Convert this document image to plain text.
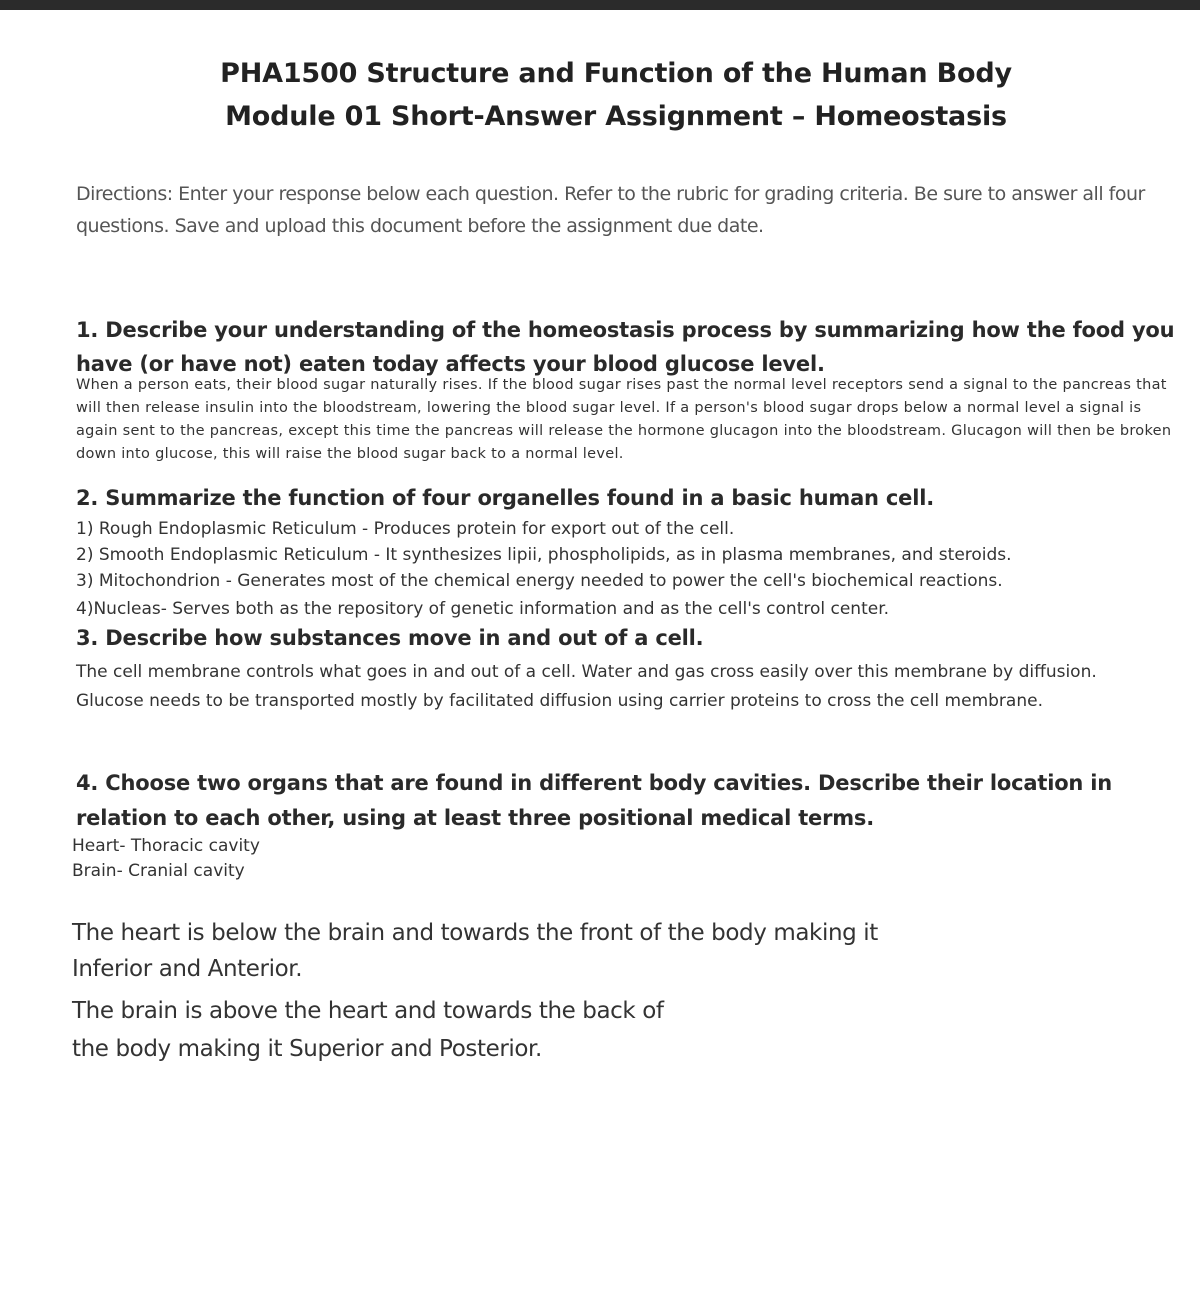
PHA1500 Structure and Function of the Human Body
Module 01 Short-Answer Assignment – Homeostasis
Directions: Enter your response below each question. Refer to the rubric for grading criteria. Be sure to answer all four questions. Save and upload this document before the assignment due date.
1. Describe your understanding of the homeostasis process by summarizing how the food you have (or have not) eaten today affects your blood glucose level.
When a person eats, their blood sugar naturally rises. If the blood sugar rises past the normal level receptors send a signal to the pancreas that will then release insulin into the bloodstream, lowering the blood sugar level. If a person's blood sugar drops below a normal level a signal is again sent to the pancreas, except this time the pancreas will release the hormone glucagon into the bloodstream. Glucagon will then be broken down into glucose, this will raise the blood sugar back to a normal level.
2. Summarize the function of four organelles found in a basic human cell.
1) Rough Endoplasmic Reticulum - Produces protein for export out of the cell.
2) Smooth Endoplasmic Reticulum - It synthesizes lipii, phospholipids, as in plasma membranes, and steroids.
3) Mitochondrion - Generates most of the chemical energy needed to power the cell's biochemical reactions.
4)Nucleas- Serves both as the repository of genetic information and as the cell's control center.
3. Describe how substances move in and out of a cell.
The cell membrane controls what goes in and out of a cell. Water and gas cross easily over this membrane by diffusion. Glucose needs to be transported mostly by facilitated diffusion using carrier proteins to cross the cell membrane.
4. Choose two organs that are found in different body cavities. Describe their location in relation to each other, using at least three positional medical terms.
Heart- Thoracic cavity
Brain- Cranial cavity
The heart is below the brain and towards the front of the body making it
Inferior and Anterior.
The brain is above the heart and towards the back of
the body making it Superior and Posterior.
